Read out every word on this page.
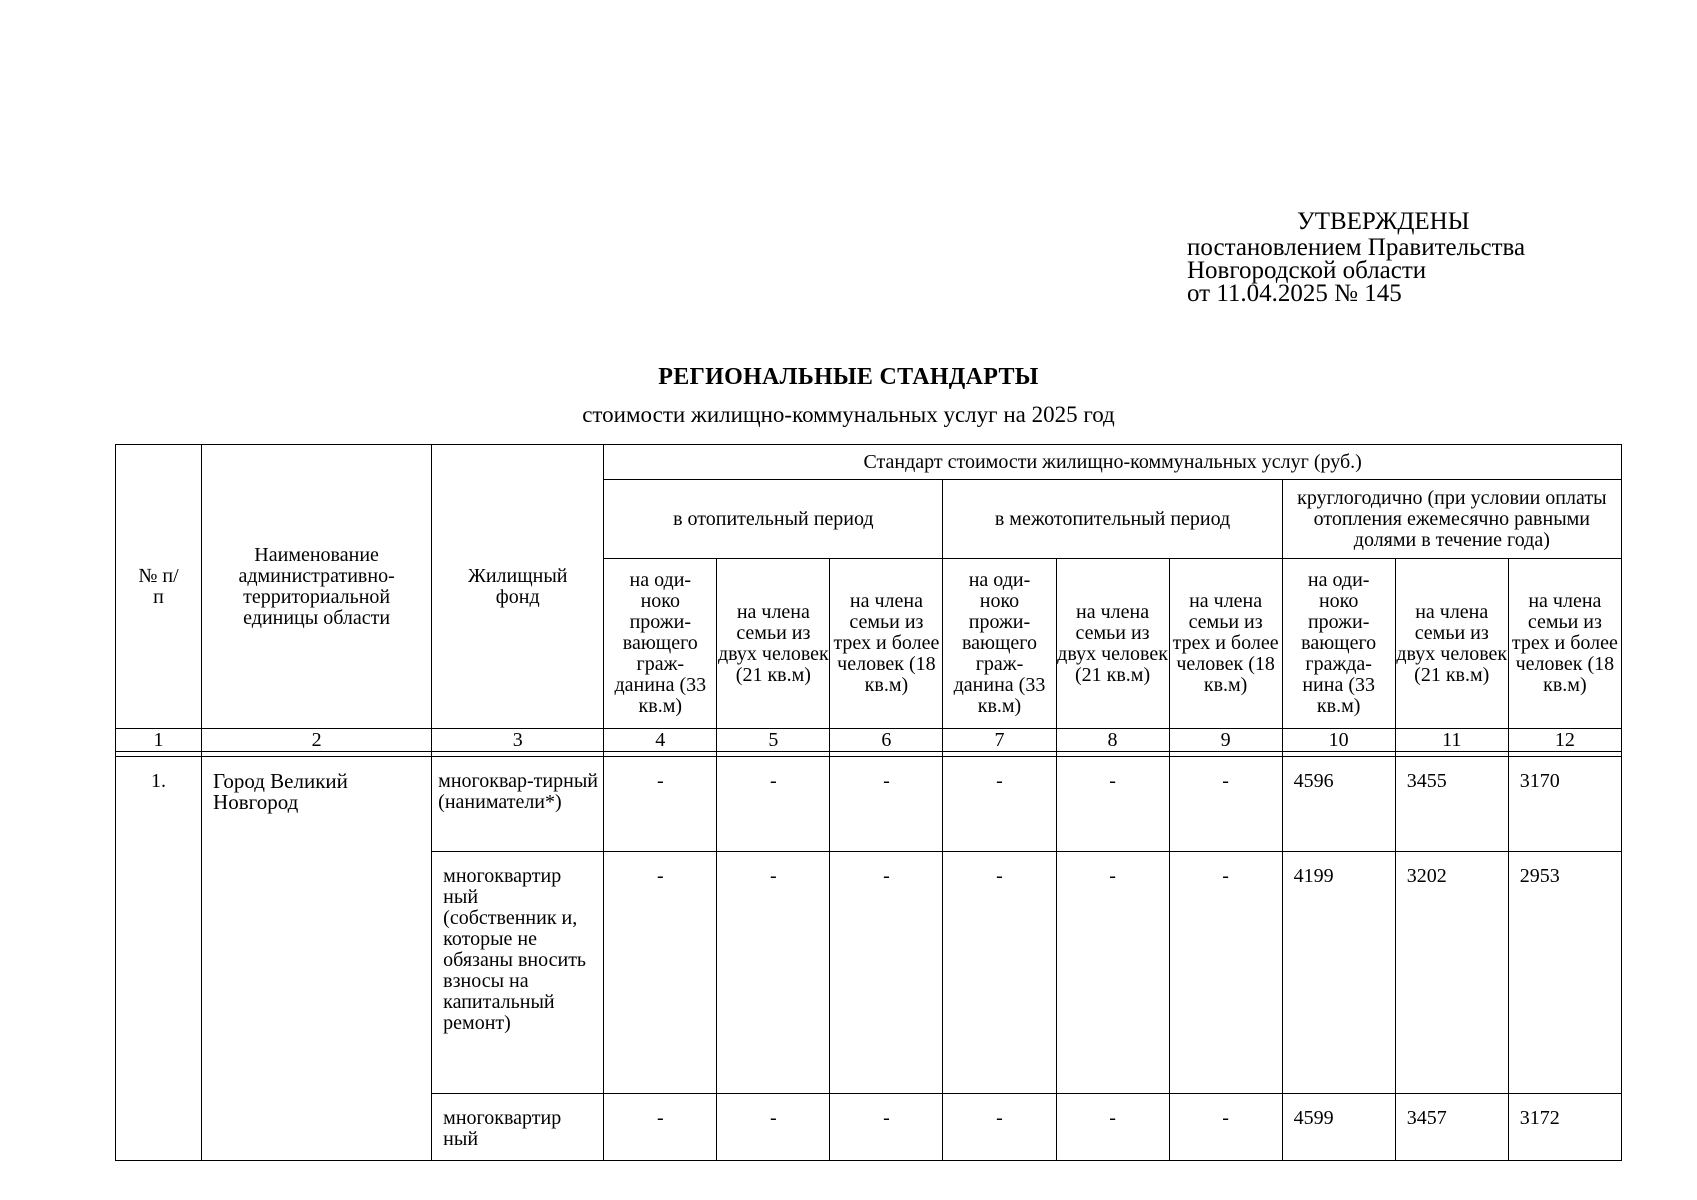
УТВЕРЖДЕНЫ
постановлением Правительства
Новгородской области
от 11.04.2025 № 145
РЕГИОНАЛЬНЫЕ СТАНДАРТЫ
стоимости жилищно-коммунальных услуг на 2025 год
№ п/п	Наименование административно-территориальной единицы области	Жилищный фонд	Стандарт стоимости жилищно-коммунальных услуг (руб.)								
			в отопительный период			в межотопительный период			круглогодично (при условии оплаты отопления ежемесячно равными долями в течение года)		
			на оди-ноко прожи-вающего граж-данина (33 кв.м)	на члена семьи из двух человек (21 кв.м)	на члена семьи из трех и более человек (18 кв.м)	на оди-ноко прожи-вающего граж-данина (33 кв.м)	на члена семьи из двух человек (21 кв.м)	на члена семьи из трех и более человек (18 кв.м)	на оди-ноко прожи-вающего гражда-нина (33 кв.м)	на члена семьи из двух человек (21 кв.м)	на члена семьи из трех и более человек (18 кв.м)
1	2	3	4	5	6	7	8	9	10	11	12

1.	Город Великий Новгород	многоквар-тирный (наниматели*)	-	-	-	-	-	-	4596	3455	3170
		многоквартир ный (собственник и, которые не обязаны вносить взносы на капитальный ремонт)	-	-	-	-	-	-	4199	3202	2953
		многоквартир ный	-	-	-	-	-	-	4599	3457	3172
